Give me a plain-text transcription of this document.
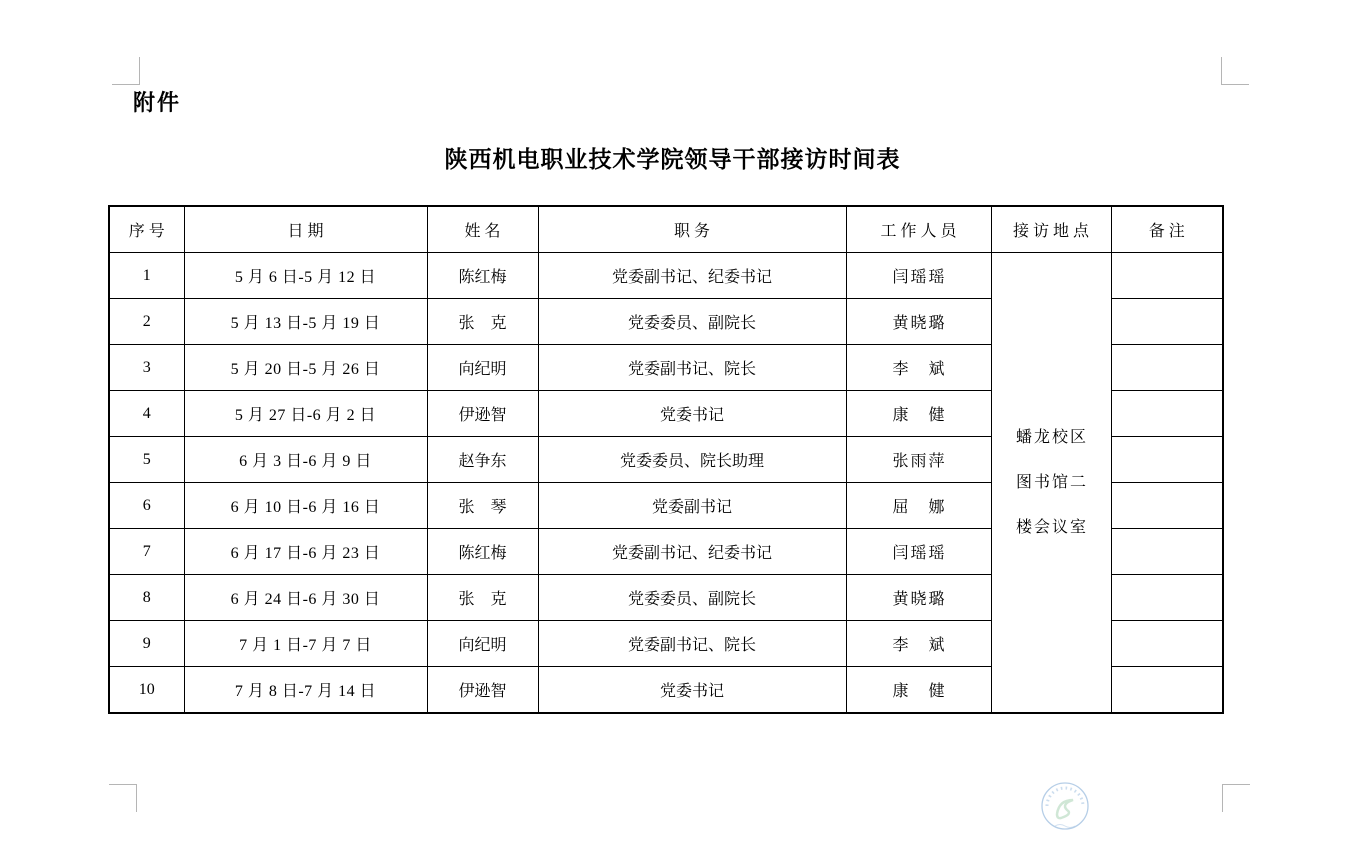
附件
陕西机电职业技术学院领导干部接访时间表
序号	日期	姓名	职务	工作人员	接访地点	备注
1	5 月 6 日-5 月 12 日	陈红梅	党委副书记、纪委书记	闫瑶瑶	蟠龙校区
图书馆二
楼会议室	

2	5 月 13 日-5 月 19 日	张　克	党委委员、副院长	黄晓璐		
3	5 月 20 日-5 月 26 日	向纪明	党委副书记、院长	李　斌		
4	5 月 27 日-6 月 2 日	伊逊智	党委书记	康　健		
5	6 月 3 日-6 月 9 日	赵争东	党委委员、院长助理	张雨萍		
6	6 月 10 日-6 月 16 日	张　琴	党委副书记	屈　娜		
7	6 月 17 日-6 月 23 日	陈红梅	党委副书记、纪委书记	闫瑶瑶		
8	6 月 24 日-6 月 30 日	张　克	党委委员、副院长	黄晓璐		
9	7 月 1 日-7 月 7 日	向纪明	党委副书记、院长	李　斌		
10	7 月 8 日-7 月 14 日	伊逊智	党委书记	康　健		
